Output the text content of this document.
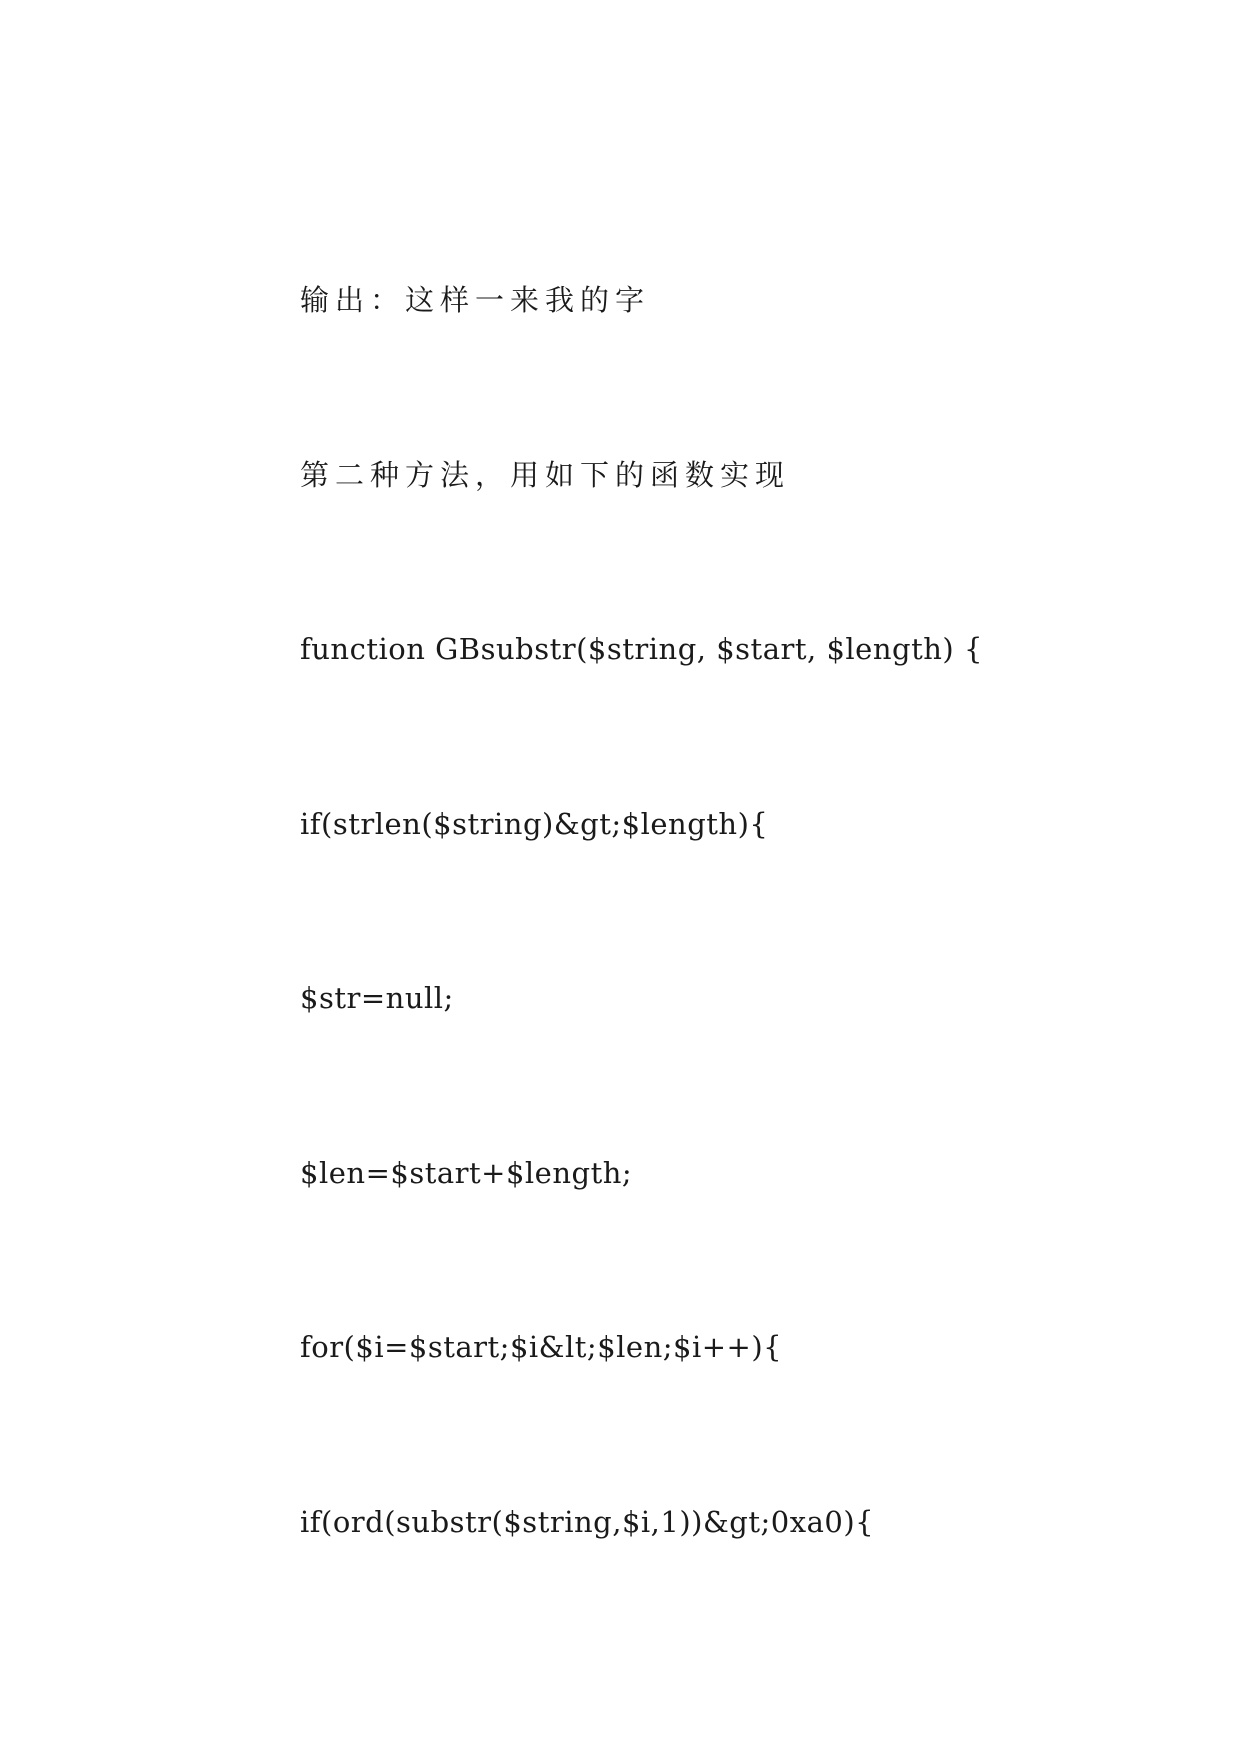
输出：这样一来我的字

第二种方法，用如下的函数实现

function GBsubstr($string, $start, $length) {

if(strlen($string)&gt;$length){

$str=null;

$len=$start+$length;

for($i=$start;$i&lt;$len;$i++){

if(ord(substr($string,$i,1))&gt;0xa0){
